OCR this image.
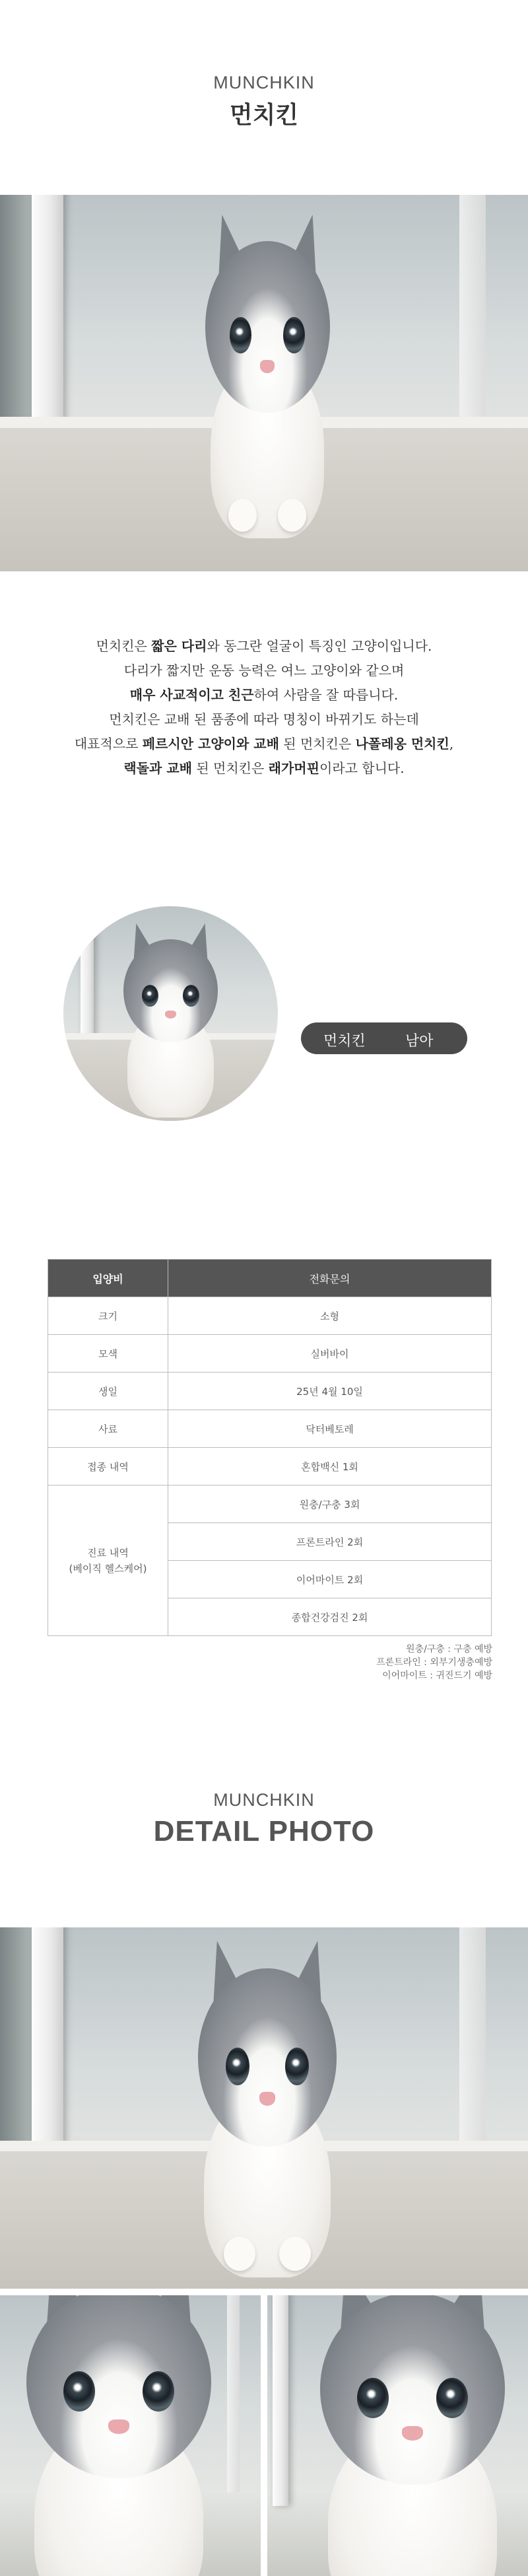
MUNCHKIN
먼치킨

먼치킨은 짧은 다리와 동그란 얼굴이 특징인 고양이입니다.

다리가 짧지만 운동 능력은 여느 고양이와 같으며

매우 사교적이고 친근하여 사람을 잘 따릅니다.

먼치킨은 교배 된 품종에 따라 명칭이 바뀌기도 하는데

대표적으로 페르시안 고양이와 교배 된 먼치킨은 나폴레옹 먼치킨,

랙돌과 교배 된 먼치킨은 래가머핀이라고 합니다.

먼치킨	남아
입양비	전화문의
크기	소형
모색	실버바이
생일	25년 4월 10일
사료	닥터베토레
접종 내역	혼합백신 1회

진료 내역
(베이직 헬스케어)	원충/구충 3회
	프론트라인 2회
	이어마이트 2회
	종합건강검진 2회
원충/구충 : 구충 예방
프론트라인 : 외부기생충예방
이어마이트 : 귀진드기 예방
MUNCHKIN
DETAIL PHOTO
